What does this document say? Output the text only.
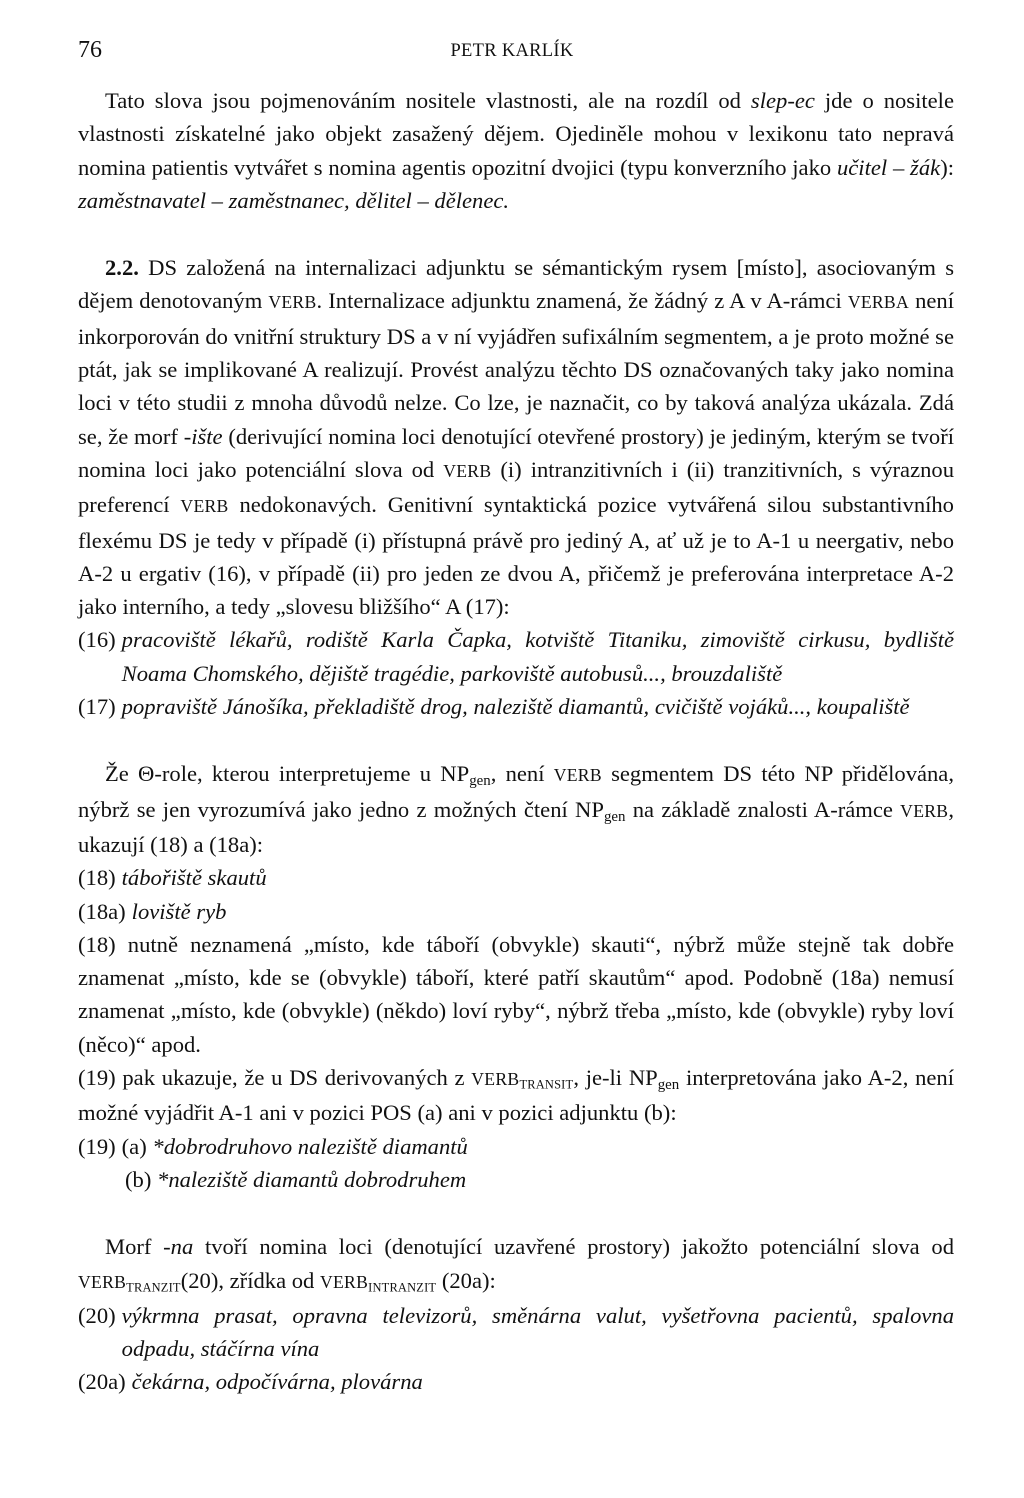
76	PETR KARLÍK

Tato slova jsou pojmenováním nositele vlastnosti, ale na rozdíl od slep-ec jde o nositele vlastnosti získatelné jako objekt zasažený dějem. Ojediněle mohou v lexikonu tato nepravá nomina patientis vytvářet s nomina agentis opozitní dvojici (typu konverzního jako učitel – žák): zaměstnavatel – zaměstnanec, dělitel – dělenec.

2.2. DS založená na internalizaci adjunktu se sémantickým rysem [místo], asociovaným s dějem denotovaným VERB. Internalizace adjunktu znamená, že žádný z A v A-rámci VERBA není inkorporován do vnitřní struktury DS a v ní vyjádřen sufixálním segmentem, a je proto možné se ptát, jak se implikované A realizují. Provést analýzu těchto DS označovaných taky jako nomina loci v této studii z mnoha důvodů nelze. Co lze, je naznačit, co by taková analýza ukázala. Zdá se, že morf -ište (derivující nomina loci denotující otevřené prostory) je jediným, kterým se tvoří nomina loci jako potenciální slova od VERB (i) intranzitivních i (ii) tranzitivních, s výraznou preferencí VERB nedokonavých. Genitivní syntaktická pozice vytvářená silou substantivního flexému DS je tedy v případě (i) přístupná právě pro jediný A, ať už je to A-1 u neergativ, nebo A-2 u ergativ (16), v případě (ii) pro jeden ze dvou A, přičemž je preferována interpretace A-2 jako interního, a tedy „slovesu bližšího“ A (17):

(16) pracoviště lékařů, rodiště Karla Čapka, kotviště Titaniku, zimoviště cirkusu, bydliště Noama Chomského, dějiště tragédie, parkoviště autobusů..., brouzdaliště
(17) popraviště Jánošíka, překladiště drog, naleziště diamantů, cvičiště vojáků..., koupaliště

Že Θ-role, kterou interpretujeme u $NP_{gen}$, není VERB segmentem DS této NP přidělována, nýbrž se jen vyrozumívá jako jedno z možných čtení $NP_{gen}$ na základě znalosti A-rámce VERB, ukazují (18) a (18a):

(18) tábořiště skautů
(18a) loviště ryb

(18) nutně neznamená „místo, kde táboří (obvykle) skauti“, nýbrž může stejně tak dobře znamenat „místo, kde se (obvykle) táboří, které patří skautům“ apod. Podobně (18a) nemusí znamenat „místo, kde (obvykle) (někdo) loví ryby“, nýbrž třeba „místo, kde (obvykle) ryby loví (něco)“ apod.

(19) pak ukazuje, že u DS derivovaných z VERBTRANSIT, je-li $NP_{gen}$ interpretována jako A-2, není možné vyjádřit A-1 ani v pozici POS (a) ani v pozici adjunktu (b):

(19) (a) *dobrodruhovo naleziště diamantů
(b) *naleziště diamantů dobrodruhem

Morf -na tvoří nomina loci (denotující uzavřené prostory) jakožto potenciální slova od VERBTRANZIT(20), zřídka od VERBINTRANZIT (20a):

(20) výkrmna prasat, opravna televizorů, směnárna valut, vyšetřovna pacientů, spalovna odpadu, stáčírna vína
(20a) čekárna, odpočívárna, plovárna
